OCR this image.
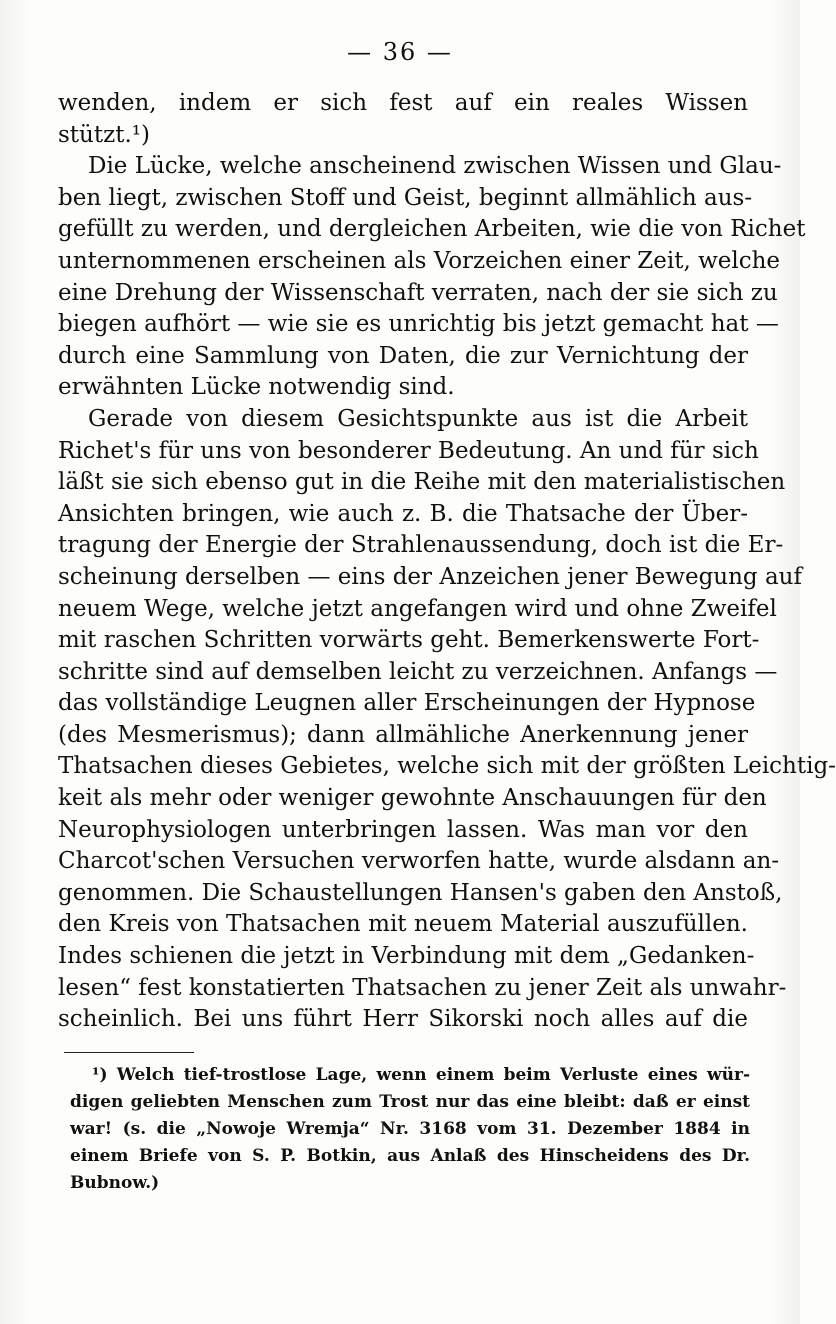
— 36 —
wenden, indem er sich fest auf ein reales Wissen
stützt.¹)
Die Lücke, welche anscheinend zwischen Wissen und Glau-
ben liegt, zwischen Stoff und Geist, beginnt allmählich aus-
gefüllt zu werden, und dergleichen Arbeiten, wie die von Richet
unternommenen erscheinen als Vorzeichen einer Zeit, welche
eine Drehung der Wissenschaft verraten, nach der sie sich zu
biegen aufhört — wie sie es unrichtig bis jetzt gemacht hat —
durch eine Sammlung von Daten, die zur Vernichtung der
erwähnten Lücke notwendig sind.
Gerade von diesem Gesichtspunkte aus ist die Arbeit
Richet's für uns von besonderer Bedeutung. An und für sich
läßt sie sich ebenso gut in die Reihe mit den materialistischen
Ansichten bringen, wie auch z. B. die Thatsache der Über-
tragung der Energie der Strahlenaussendung, doch ist die Er-
scheinung derselben — eins der Anzeichen jener Bewegung auf
neuem Wege, welche jetzt angefangen wird und ohne Zweifel
mit raschen Schritten vorwärts geht. Bemerkenswerte Fort-
schritte sind auf demselben leicht zu verzeichnen. Anfangs —
das vollständige Leugnen aller Erscheinungen der Hypnose
(des Mesmerismus); dann allmähliche Anerkennung jener
Thatsachen dieses Gebietes, welche sich mit der größten Leichtig-
keit als mehr oder weniger gewohnte Anschauungen für den
Neurophysiologen unterbringen lassen. Was man vor den
Charcot'schen Versuchen verworfen hatte, wurde alsdann an-
genommen. Die Schaustellungen Hansen's gaben den Anstoß,
den Kreis von Thatsachen mit neuem Material auszufüllen.
Indes schienen die jetzt in Verbindung mit dem „Gedanken-
lesen“ fest konstatierten Thatsachen zu jener Zeit als unwahr-
scheinlich. Bei uns führt Herr Sikorski noch alles auf die
¹) Welch tief-trostlose Lage, wenn einem beim Verluste eines wür-
digen geliebten Menschen zum Trost nur das eine bleibt: daß er einst
war! (s. die „Nowoje Wremja“ Nr. 3168 vom 31. Dezember 1884 in
einem Briefe von S. P. Botkin, aus Anlaß des Hinscheidens des Dr.
Bubnow.)
